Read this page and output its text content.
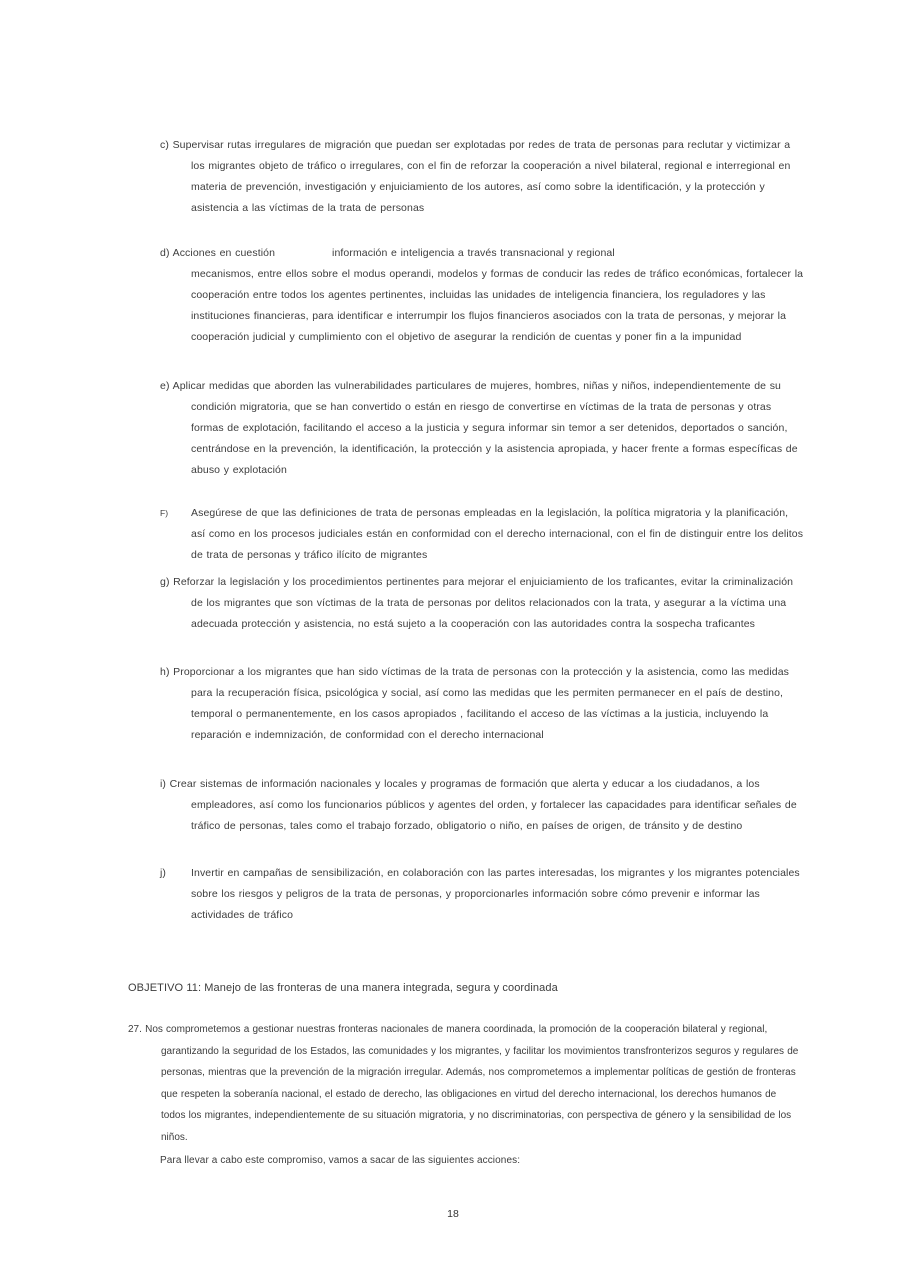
c) Supervisar rutas irregulares de migración que puedan ser explotadas por redes de trata de personas para reclutar y victimizar a los migrantes objeto de tráfico o irregulares, con el fin de reforzar la cooperación a nivel bilateral, regional e interregional en materia de prevención, investigación y enjuiciamiento de los autores, así como sobre la identificación, y la protección y asistencia a las víctimas de la trata de personas
d) Acciones en cuestión	información e inteligencia a través transnacional y regional
mecanismos, entre ellos sobre el modus operandi, modelos y formas de conducir las redes de tráfico económicas, fortalecer la cooperación entre todos los agentes pertinentes, incluidas las unidades de inteligencia financiera, los reguladores y las instituciones financieras, para identificar e interrumpir los flujos financieros asociados con la trata de personas, y mejorar la cooperación judicial y cumplimiento con el objetivo de asegurar la rendición de cuentas y poner fin a la impunidad
e) Aplicar medidas que aborden las vulnerabilidades particulares de mujeres, hombres, niñas y niños, independientemente de su condición migratoria, que se han convertido o están en riesgo de convertirse en víctimas de la trata de personas y otras formas de explotación, facilitando el acceso a la justicia y segura informar sin temor a ser detenidos, deportados o sanción, centrándose en la prevención, la identificación, la protección y la asistencia apropiada, y hacer frente a formas específicas de abuso y explotación
F) Asegúrese de que las definiciones de trata de personas empleadas en la legislación, la política migratoria y la planificación, así como en los procesos judiciales están en conformidad con el derecho internacional, con el fin de distinguir entre los delitos de trata de personas y tráfico ilícito de migrantes
g) Reforzar la legislación y los procedimientos pertinentes para mejorar el enjuiciamiento de los traficantes, evitar la criminalización de los migrantes que son víctimas de la trata de personas por delitos relacionados con la trata, y asegurar a la víctima una adecuada protección y asistencia, no está sujeto a la cooperación con las autoridades contra la sospecha traficantes
h) Proporcionar a los migrantes que han sido víctimas de la trata de personas con la protección y la asistencia, como las medidas para la recuperación física, psicológica y social, así como las medidas que les permiten permanecer en el país de destino, temporal o permanentemente, en los casos apropiados , facilitando el acceso de las víctimas a la justicia, incluyendo la reparación e indemnización, de conformidad con el derecho internacional
i) Crear sistemas de información nacionales y locales y programas de formación que alerta y educar a los ciudadanos, a los empleadores, así como los funcionarios públicos y agentes del orden, y fortalecer las capacidades para identificar señales de tráfico de personas, tales como el trabajo forzado, obligatorio o niño, en países de origen, de tránsito y de destino
j) Invertir en campañas de sensibilización, en colaboración con las partes interesadas, los migrantes y los migrantes potenciales sobre los riesgos y peligros de la trata de personas, y proporcionarles información sobre cómo prevenir e informar las actividades de tráfico
OBJETIVO 11: Manejo de las fronteras de una manera integrada, segura y coordinada
27. Nos comprometemos a gestionar nuestras fronteras nacionales de manera coordinada, la promoción de la cooperación bilateral y regional, garantizando la seguridad de los Estados, las comunidades y los migrantes, y facilitar los movimientos transfronterizos seguros y regulares de personas, mientras que la prevención de la migración irregular. Además, nos comprometemos a implementar políticas de gestión de fronteras que respeten la soberanía nacional, el estado de derecho, las obligaciones en virtud del derecho internacional, los derechos humanos de todos los migrantes, independientemente de su situación migratoria, y no discriminatorias, con perspectiva de género y la sensibilidad de los niños.
Para llevar a cabo este compromiso, vamos a sacar de las siguientes acciones:
18
